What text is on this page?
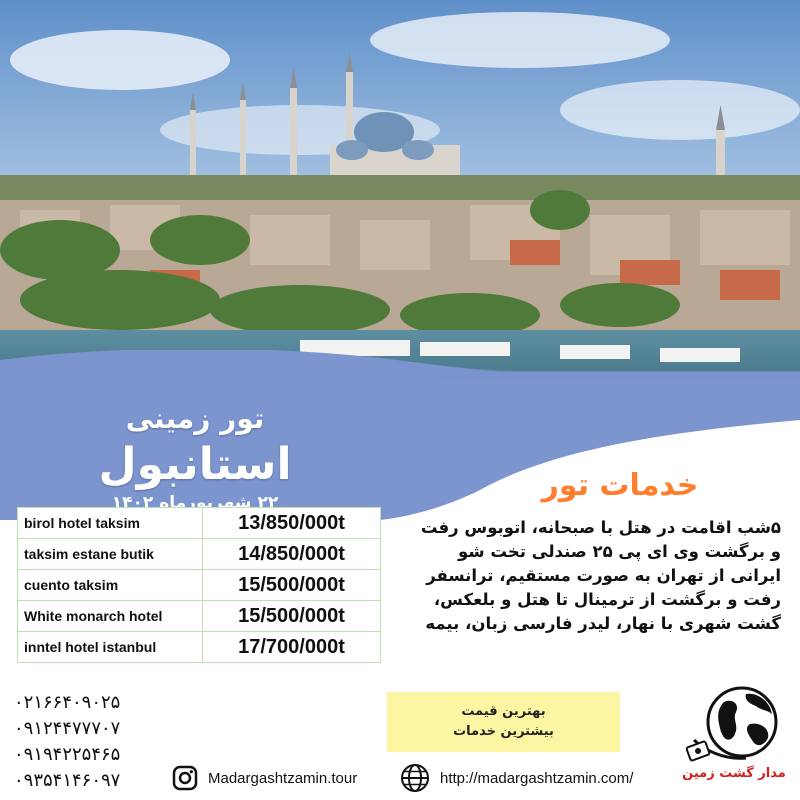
تور زمینی استانبول
۲۲ شهریورماه ۱۴۰۲	خدمات تور
birol hotel taksim	13/850/000t
taksim estane butik	14/850/000t
cuento taksim	15/500/000t
White monarch hotel	15/500/000t
inntel hotel istanbul	17/700/000t
۵شب اقامت در هتل با صبحانه، اتوبوس رفت
و برگشت وی ای پی ۲۵ صندلی تخت شو
ایرانی از تهران به صورت مستقیم، ترانسفر
رفت و برگشت از ترمینال تا هتل و بلعکس،
گشت شهری با نهار، لیدر فارسی زبان، بیمه
۰۲۱۶۶۴۰۹۰۲۵
۰۹۱۲۴۴۷۷۷۰۷
۰۹۱۹۴۲۲۵۴۶۵
۰۹۳۵۴۱۴۶۰۹۷
بهترین قیمت
بیشترین خدمات
مدار گشت زمین
Madargashtzamin.tour	http://madargashtzamin.com/
